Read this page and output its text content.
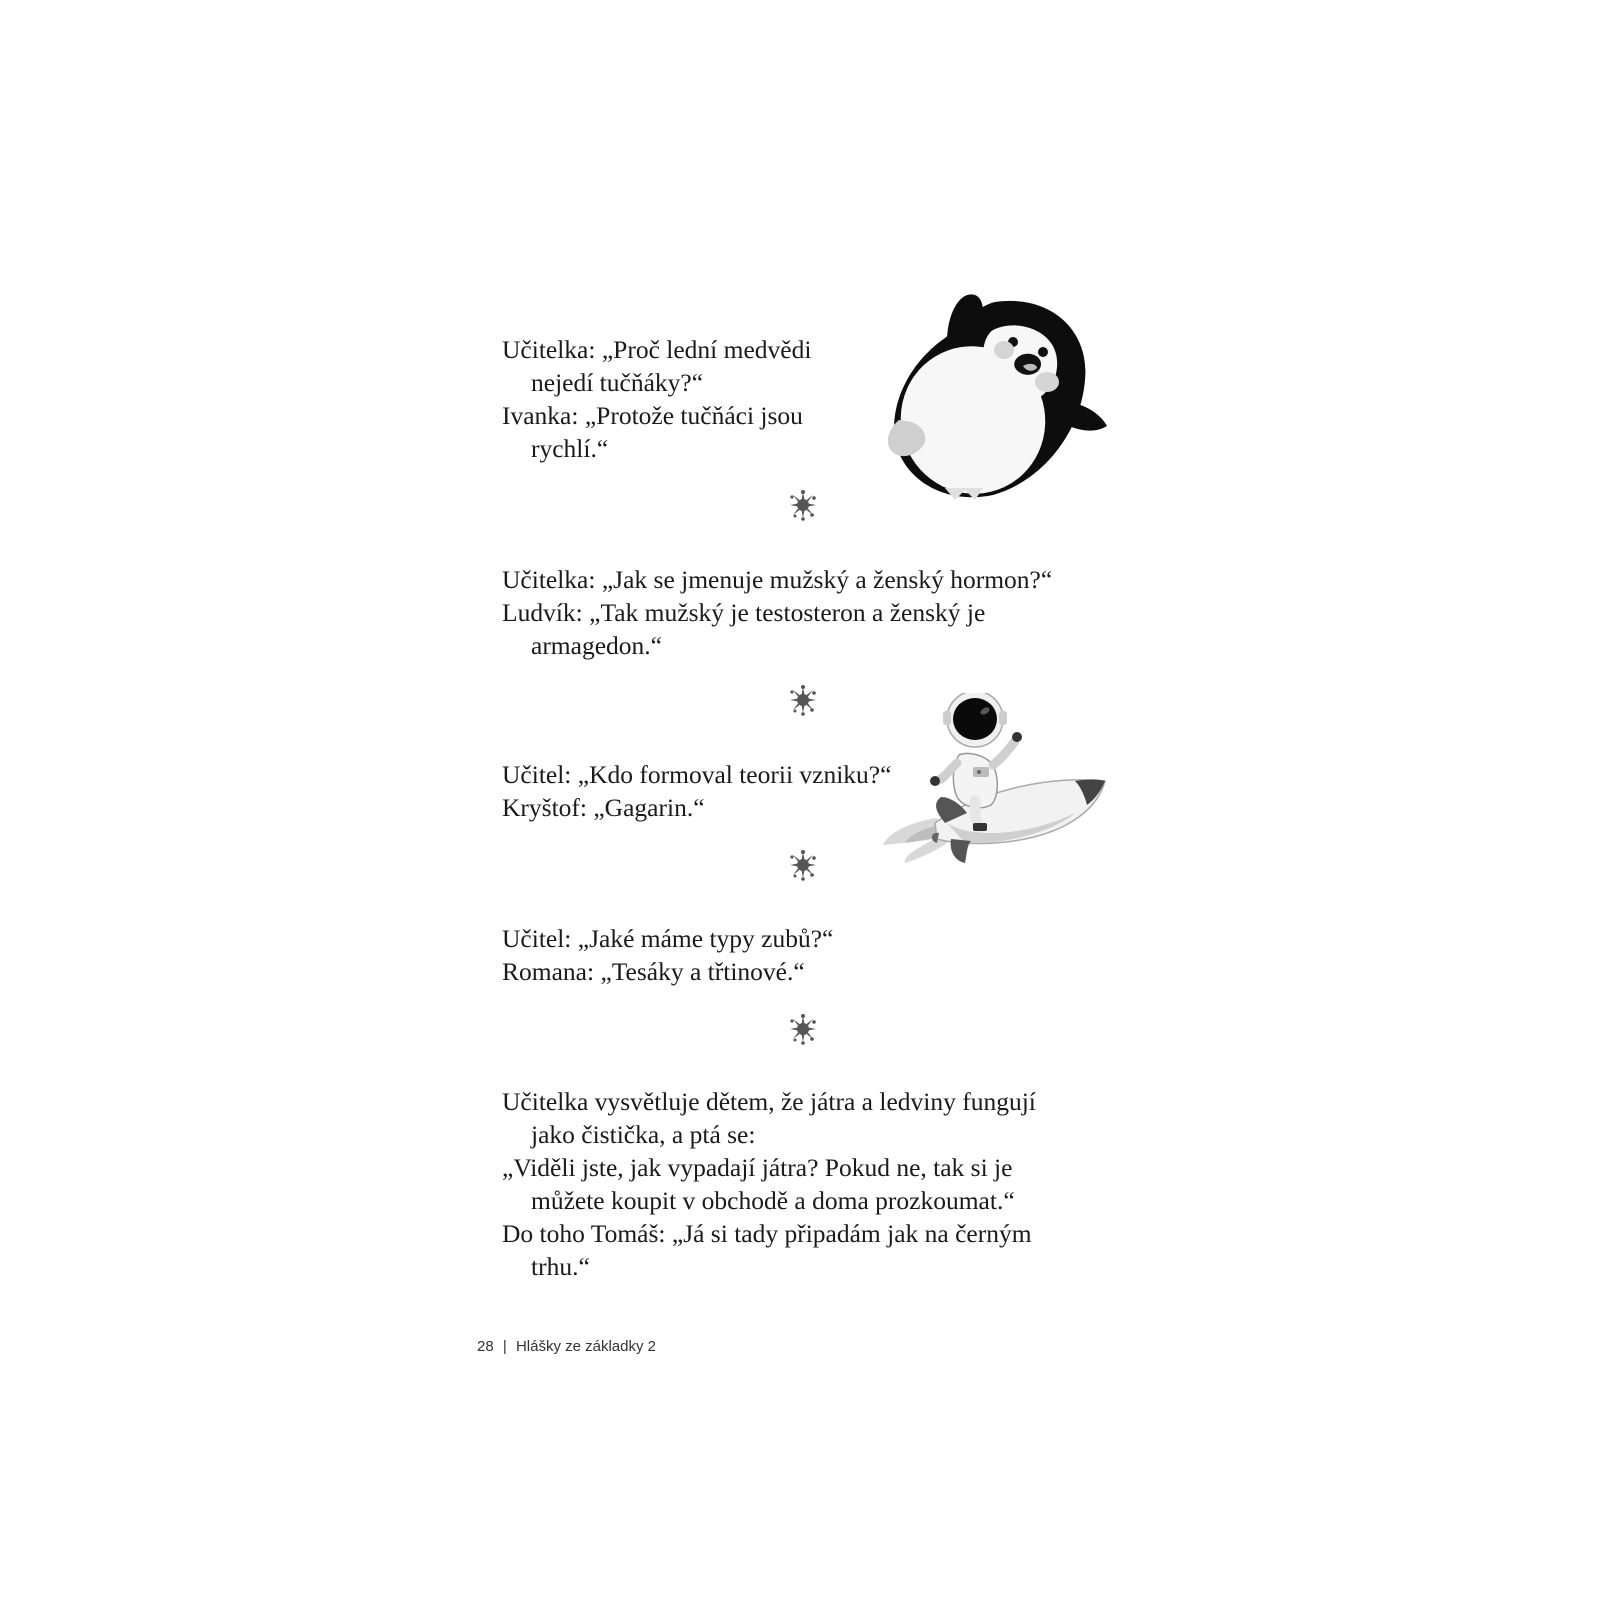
Učitelka: „Proč lední medvědi
nejedí tučňáky?“
Ivanka: „Protože tučňáci jsou
rychlí.“
Učitelka: „Jak se jmenuje mužský a ženský hormon?“
Ludvík: „Tak mužský je testosteron a ženský je
armagedon.“
Učitel: „Kdo formoval teorii vzniku?“
Kryštof: „Gagarin.“
Učitel: „Jaké máme typy zubů?“
Romana: „Tesáky a třtinové.“
Učitelka vysvětluje dětem, že játra a ledviny fungují
jako čistička, a ptá se:
„Viděli jste, jak vypadají játra? Pokud ne, tak si je
můžete koupit v obchodě a doma prozkoumat.“
Do toho Tomáš: „Já si tady připadám jak na černým
trhu.“
28 | Hlášky ze základky 2
